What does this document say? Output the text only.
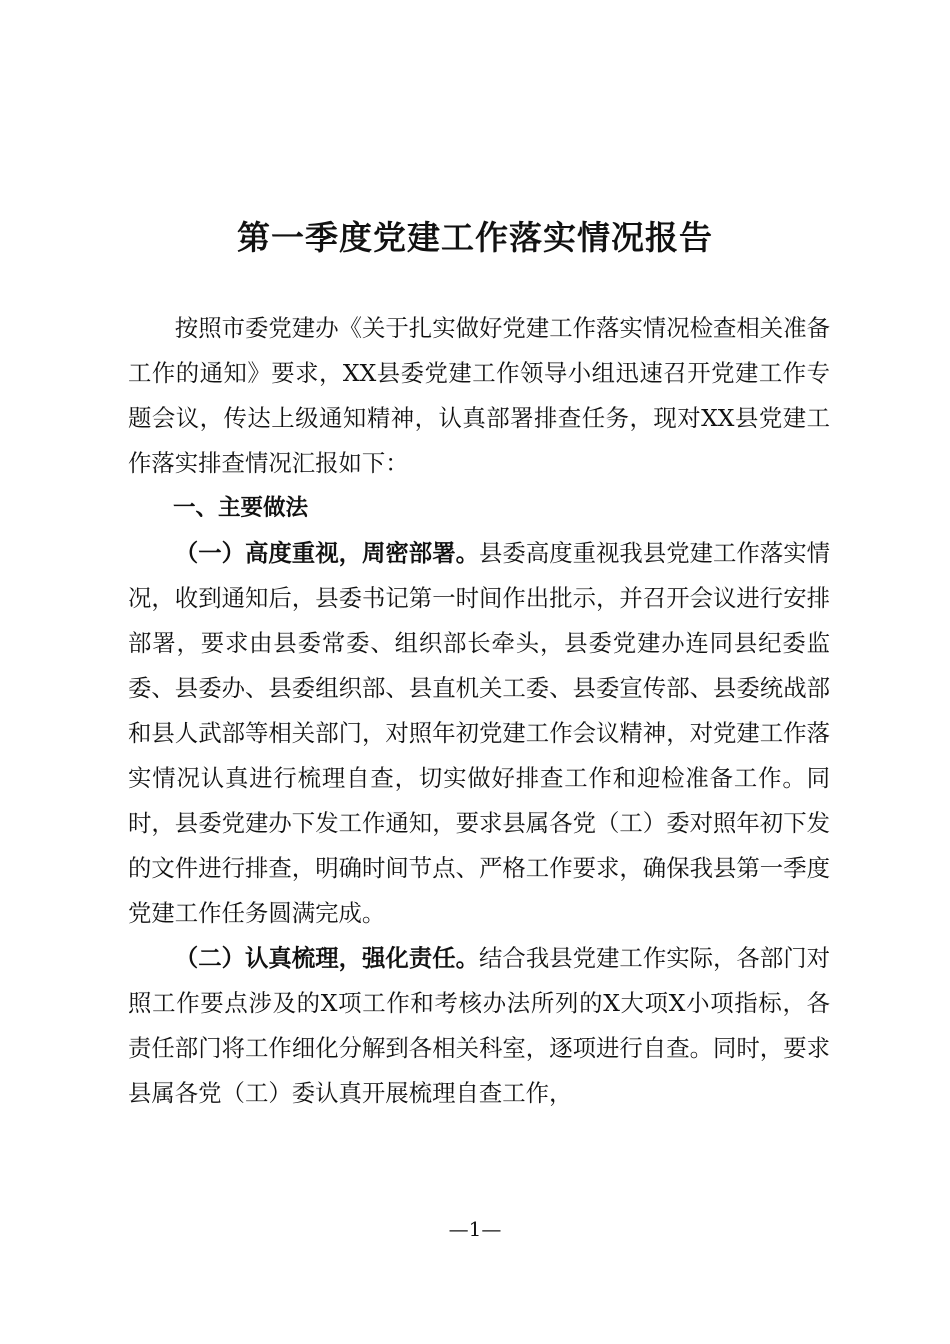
第一季度党建工作落实情况报告

按照市委党建办《关于扎实做好党建工作落实情况检查相关准备工作的通知》要求，XX县委党建工作领导小组迅速召开党建工作专题会议，传达上级通知精神，认真部署排查任务，现对XX县党建工作落实排查情况汇报如下：

一、主要做法

（一）高度重视，周密部署。县委高度重视我县党建工作落实情况，收到通知后，县委书记第一时间作出批示，并召开会议进行安排部署，要求由县委常委、组织部长牵头，县委党建办连同县纪委监委、县委办、县委组织部、县直机关工委、县委宣传部、县委统战部和县人武部等相关部门，对照年初党建工作会议精神，对党建工作落实情况认真进行梳理自查，切实做好排查工作和迎检准备工作。同时，县委党建办下发工作通知，要求县属各党（工）委对照年初下发的文件进行排查，明确时间节点、严格工作要求，确保我县第一季度党建工作任务圆满完成。

（二）认真梳理，强化责任。结合我县党建工作实际，各部门对照工作要点涉及的X项工作和考核办法所列的X大项X小项指标，各责任部门将工作细化分解到各相关科室，逐项进行自查。同时，要求县属各党（工）委认真开展梳理自查工作，

—1—
